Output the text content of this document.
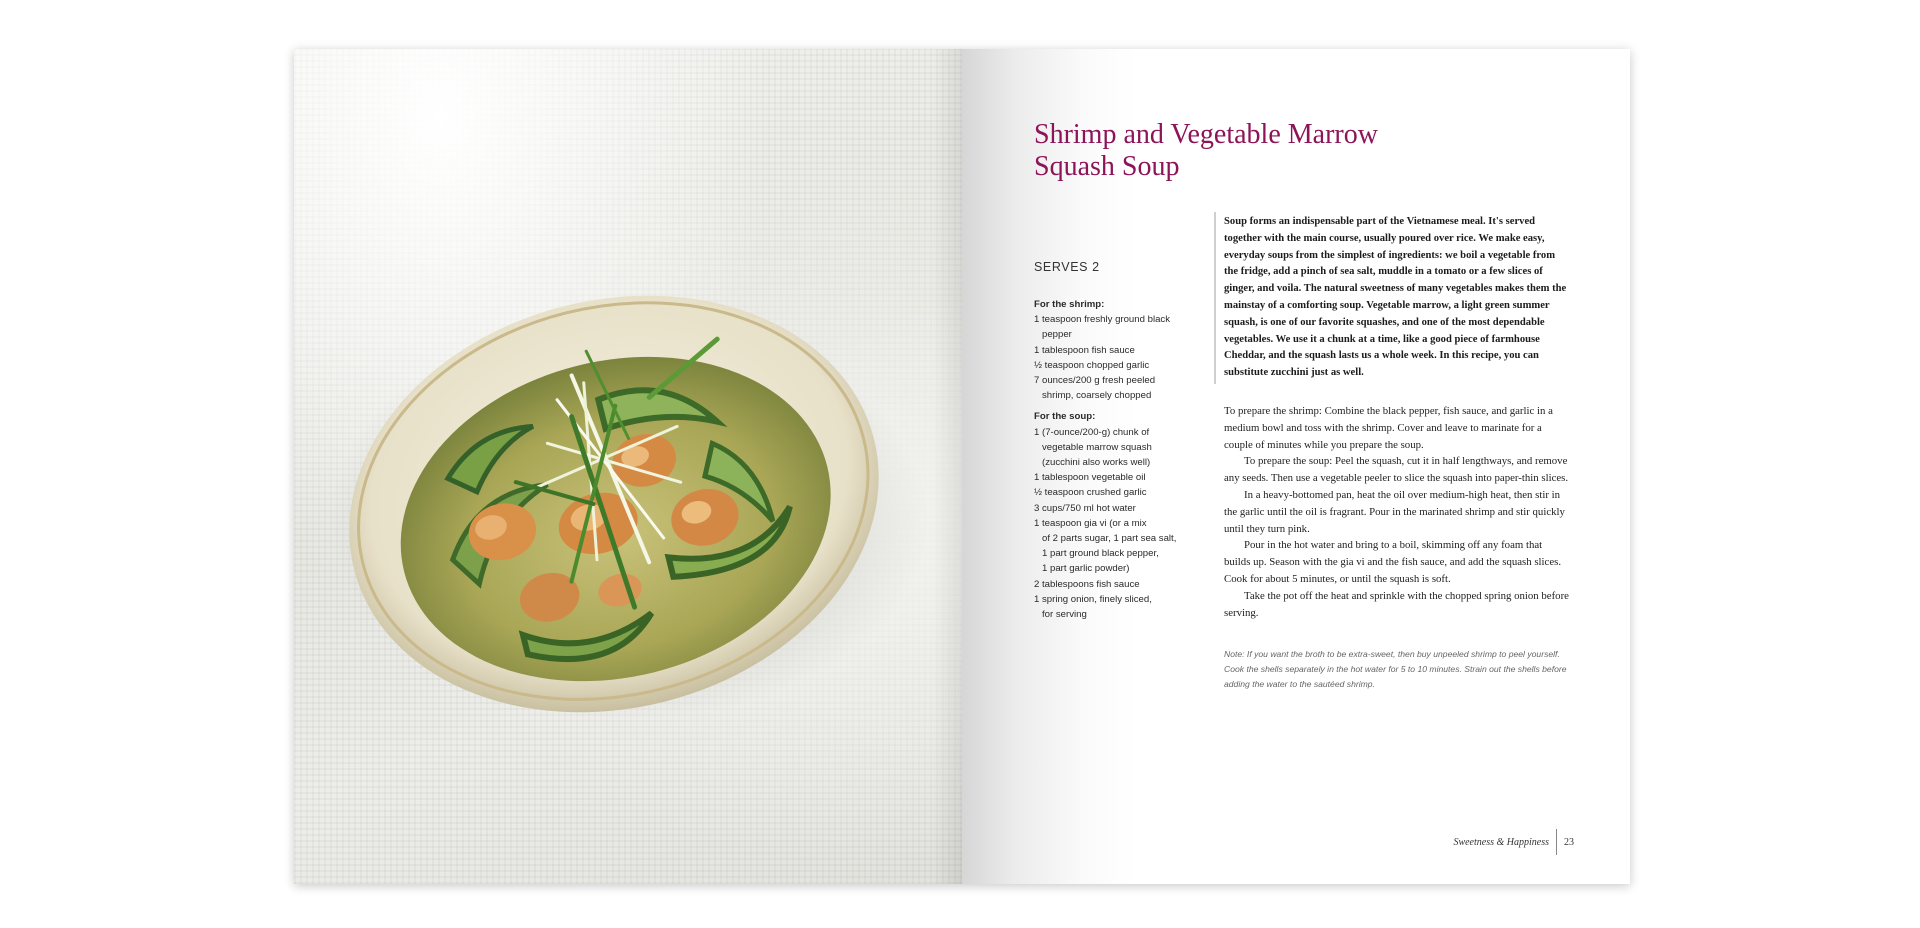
Shrimp and Vegetable Marrow Squash Soup
SERVES 2
For the shrimp:
1 teaspoon freshly ground black
pepper
1 tablespoon fish sauce
½ teaspoon chopped garlic
7 ounces/200 g fresh peeled
shrimp, coarsely chopped
For the soup:
1 (7-ounce/200-g) chunk of
vegetable marrow squash
(zucchini also works well)
1 tablespoon vegetable oil
½ teaspoon crushed garlic
3 cups/750 ml hot water
1 teaspoon gia vi (or a mix
of 2 parts sugar, 1 part sea salt,
1 part ground black pepper,
1 part garlic powder)
2 tablespoons fish sauce
1 spring onion, finely sliced,
for serving
Soup forms an indispensable part of the Vietnamese meal. It's served together with the main course, usually poured over rice. We make easy, everyday soups from the simplest of ingredients: we boil a vegetable from the fridge, add a pinch of sea salt, muddle in a tomato or a few slices of ginger, and voila. The natural sweetness of many vegetables makes them the mainstay of a comforting soup. Vegetable marrow, a light green summer squash, is one of our favorite squashes, and one of the most dependable vegetables. We use it a chunk at a time, like a good piece of farmhouse Cheddar, and the squash lasts us a whole week. In this recipe, you can substitute zucchini just as well.

To prepare the shrimp: Combine the black pepper, fish sauce, and garlic in a medium bowl and toss with the shrimp. Cover and leave to marinate for a couple of minutes while you prepare the soup.

To prepare the soup: Peel the squash, cut it in half lengthways, and remove any seeds. Then use a vegetable peeler to slice the squash into paper-thin slices.

In a heavy-bottomed pan, heat the oil over medium-high heat, then stir in the garlic until the oil is fragrant. Pour in the marinated shrimp and stir quickly until they turn pink.

Pour in the hot water and bring to a boil, skimming off any foam that builds up. Season with the gia vi and the fish sauce, and add the squash slices. Cook for about 5 minutes, or until the squash is soft.

Take the pot off the heat and sprinkle with the chopped spring onion before serving.

Note: If you want the broth to be extra-sweet, then buy unpeeled shrimp to peel yourself. Cook the shells separately in the hot water for 5 to 10 minutes. Strain out the shells before adding the water to the sautéed shrimp.
Sweetness & Happiness	23
